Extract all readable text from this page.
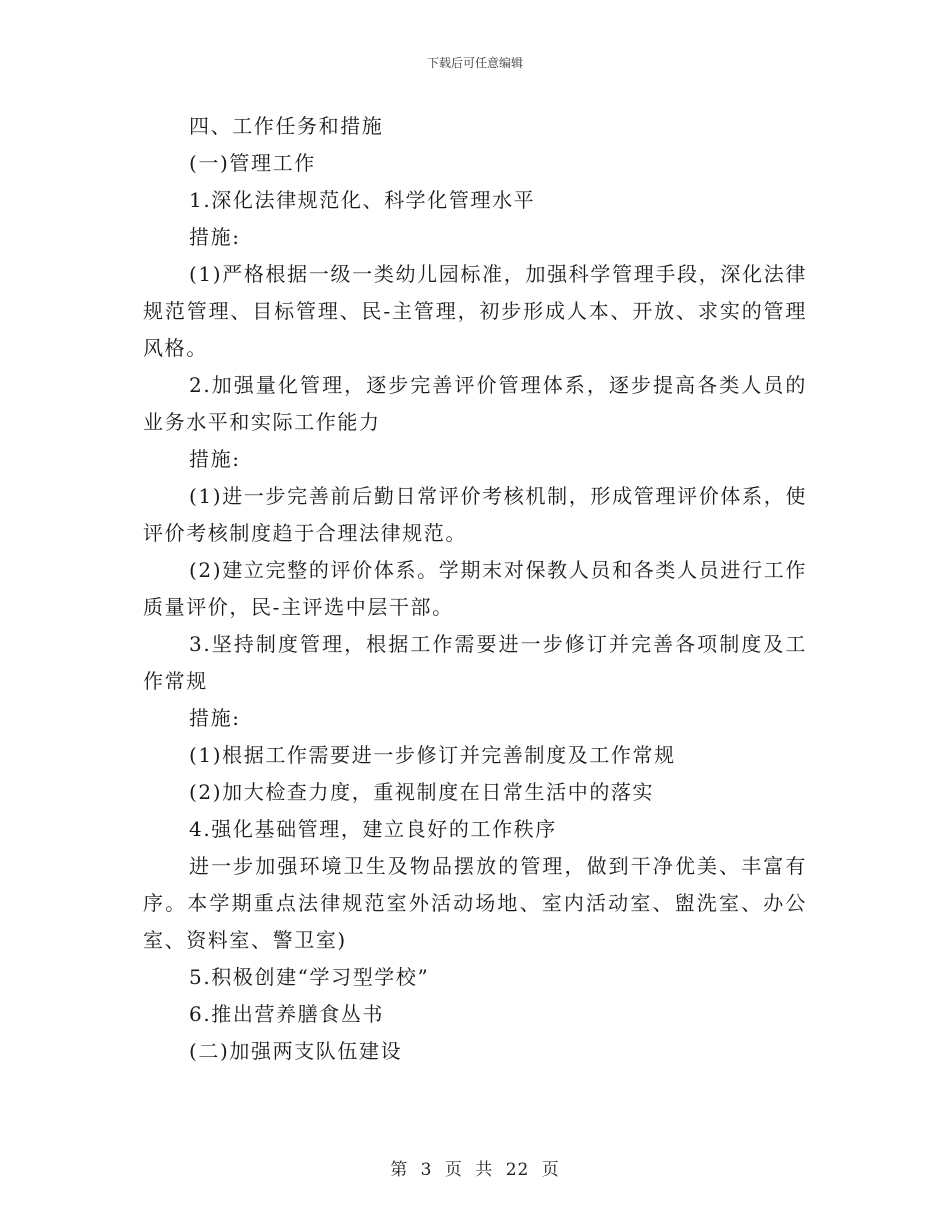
下载后可任意编辑

四、工作任务和措施

(一)管理工作

1.深化法律规范化、科学化管理水平

措施:

(1)严格根据一级一类幼儿园标准，加强科学管理手段，深化法律规范管理、目标管理、民-主管理，初步形成人本、开放、求实的管理风格。

2.加强量化管理，逐步完善评价管理体系，逐步提高各类人员的业务水平和实际工作能力

措施:

(1)进一步完善前后勤日常评价考核机制，形成管理评价体系，使评价考核制度趋于合理法律规范。

(2)建立完整的评价体系。学期末对保教人员和各类人员进行工作质量评价，民-主评选中层干部。

3.坚持制度管理，根据工作需要进一步修订并完善各项制度及工作常规

措施:

(1)根据工作需要进一步修订并完善制度及工作常规

(2)加大检查力度，重视制度在日常生活中的落实

4.强化基础管理，建立良好的工作秩序

进一步加强环境卫生及物品摆放的管理，做到干净优美、丰富有序。本学期重点法律规范室外活动场地、室内活动室、盥洗室、办公室、资料室、警卫室)

5.积极创建“学习型学校”

6.推出营养膳食丛书

(二)加强两支队伍建设

第 3 页 共 22 页
